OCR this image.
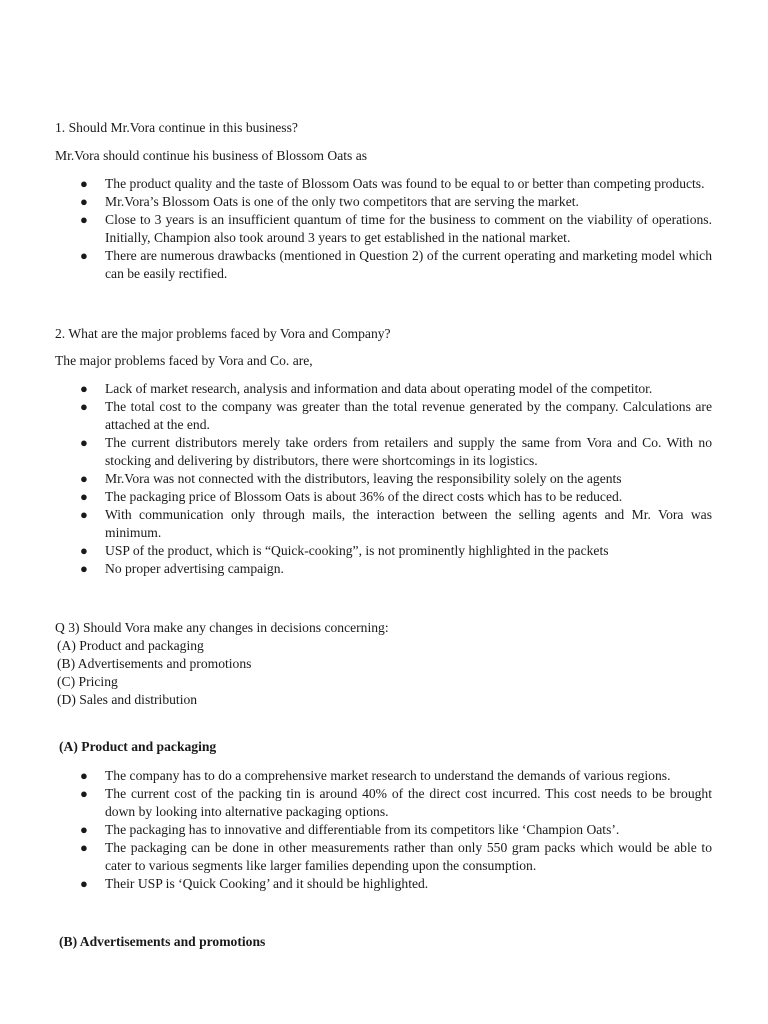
1. Should Mr.Vora continue in this business?
Mr.Vora should continue his business of Blossom Oats as
● The product quality and the taste of Blossom Oats was found to be equal to or better than competing products.
● Mr.Vora’s Blossom Oats is one of the only two competitors that are serving the market.
● Close to 3 years is an insufficient quantum of time for the business to comment on the viability of operations. Initially, Champion also took around 3 years to get established in the national market.
● There are numerous drawbacks (mentioned in Question 2) of the current operating and marketing model which can be easily rectified.
2. What are the major problems faced by Vora and Company?
The major problems faced by Vora and Co. are,
● Lack of market research, analysis and information and data about operating model of the competitor.
● The total cost to the company was greater than the total revenue generated by the company. Calculations are attached at the end.
● The current distributors merely take orders from retailers and supply the same from Vora and Co. With no stocking and delivering by distributors, there were shortcomings in its logistics.
● Mr.Vora was not connected with the distributors, leaving the responsibility solely on the agents
● The packaging price of Blossom Oats is about 36% of the direct costs which has to be reduced.
● With communication only through mails, the interaction between the selling agents and Mr. Vora was minimum.
● USP of the product, which is “Quick-cooking”, is not prominently highlighted in the packets
● No proper advertising campaign.
Q 3) Should Vora make any changes in decisions concerning:
(A) Product and packaging
(B) Advertisements and promotions
(C) Pricing
(D) Sales and distribution
(A) Product and packaging
● The company has to do a comprehensive market research to understand the demands of various regions.
● The current cost of the packing tin is around 40% of the direct cost incurred. This cost needs to be brought down by looking into alternative packaging options.
● The packaging has to innovative and differentiable from its competitors like ‘Champion Oats’.
● The packaging can be done in other measurements rather than only 550 gram packs which would be able to cater to various segments like larger families depending upon the consumption.
● Their USP is ‘Quick Cooking’ and it should be highlighted.
(B) Advertisements and promotions
